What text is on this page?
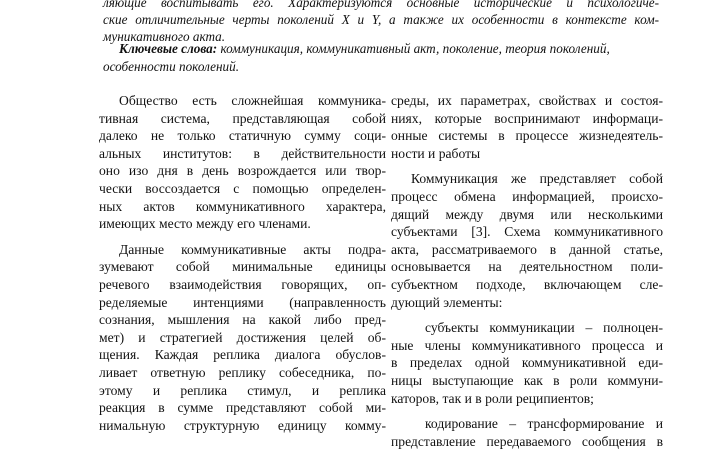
ляющие воспитывать его. Характеризуются основные исторические и психологиче-
ские отличительные черты поколений X и Y, а также их особенности в контексте ком-
муникативного акта.
Ключевые слова: коммуникация, коммуникативный акт, поколение, теория поколений,
особенности поколений.
Общество есть сложнейшая коммуника-
тивная система, представляющая собой
далеко не только статичную сумму соци-
альных институтов: в действительности
оно изо дня в день возрождается или твор-
чески воссоздается с помощью определен-
ных актов коммуникативного характера,
имеющих место между его членами.
Данные коммуникативные акты подра-
зумевают собой минимальные единицы
речевого взаимодействия говорящих, оп-
ределяемые интенциями (направленность
сознания, мышления на какой либо пред-
мет) и стратегией достижения целей об-
щения. Каждая реплика диалога обуслов-
ливает ответную реплику собеседника, по-
этому и реплика стимул, и реплика
реакция в сумме представляют собой ми-
нимальную структурную единицу комму-
среды, их параметрах, свойствах и состоя-
ниях, которые воспринимают информаци-
онные системы в процессе жизнедеятель-
ности и работы
Коммуникация же представляет собой
процесс обмена информацией, происхо-
дящий между двумя или несколькими
субъектами [3]. Схема коммуникативного
акта, рассматриваемого в данной статье,
основывается на деятельностном поли-
субъектном подходе, включающем сле-
дующий элементы:
субъекты коммуникации – полноцен-
ные члены коммуникативного процесса и
в пределах одной коммуникативной еди-
ницы выступающие как в роли коммуни-
каторов, так и в роли реципиентов;
кодирование – трансформирование и
представление передаваемого сообщения в
